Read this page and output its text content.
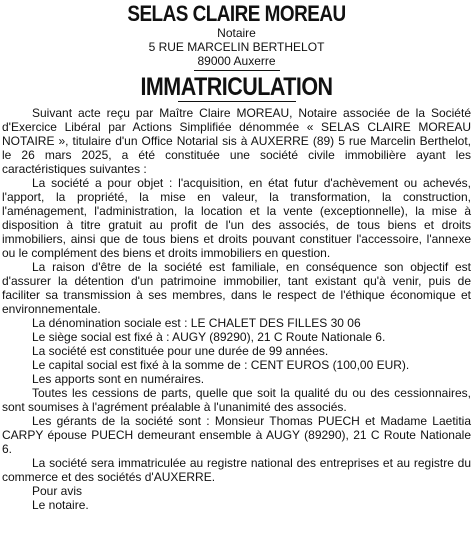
SELAS CLAIRE MOREAU
Notaire
5 RUE MARCELIN BERTHELOT
89000 Auxerre
IMMATRICULATION

Suivant acte reçu par Maître Claire MOREAU, Notaire associée de la Société d'Exercice Libéral par Actions Simplifiée dénommée « SELAS CLAIRE MOREAU NOTAIRE », titulaire d'un Office Notarial sis à AUXERRE (89) 5 rue Marcelin Berthelot, le 26 mars 2025, a été constituée une société civile immobilière ayant les caractéristiques suivantes :

La société a pour objet : l'acquisition, en état futur d'achèvement ou achevés, l'apport, la propriété, la mise en valeur, la transformation, la construction, l'aménagement, l'administration, la location et la vente (exceptionnelle), la mise à disposition à titre gratuit au profit de l'un des associés, de tous biens et droits immobiliers, ainsi que de tous biens et droits pouvant constituer l'accessoire, l'annexe ou le complément des biens et droits immobiliers en question.

La raison d'être de la société est familiale, en conséquence son objectif est d'assurer la détention d'un patrimoine immobilier, tant existant qu'à venir, puis de faciliter sa transmission à ses membres, dans le respect de l'éthique économique et environnementale.

La dénomination sociale est : LE CHALET DES FILLES 30 06

Le siège social est fixé à : AUGY (89290), 21 C Route Nationale 6.

La société est constituée pour une durée de 99 années.

Le capital social est fixé à la somme de : CENT EUROS (100,00 EUR).

Les apports sont en numéraires.

Toutes les cessions de parts, quelle que soit la qualité du ou des cessionnaires, sont soumises à l'agrément préalable à l'unanimité des associés.

Les gérants de la société sont : Monsieur Thomas PUECH et Madame Laetitia CARPY épouse PUECH demeurant ensemble à AUGY (89290), 21 C Route Nationale 6.

La société sera immatriculée au registre national des entreprises et au registre du commerce et des sociétés d'AUXERRE.

Pour avis
Le notaire.
